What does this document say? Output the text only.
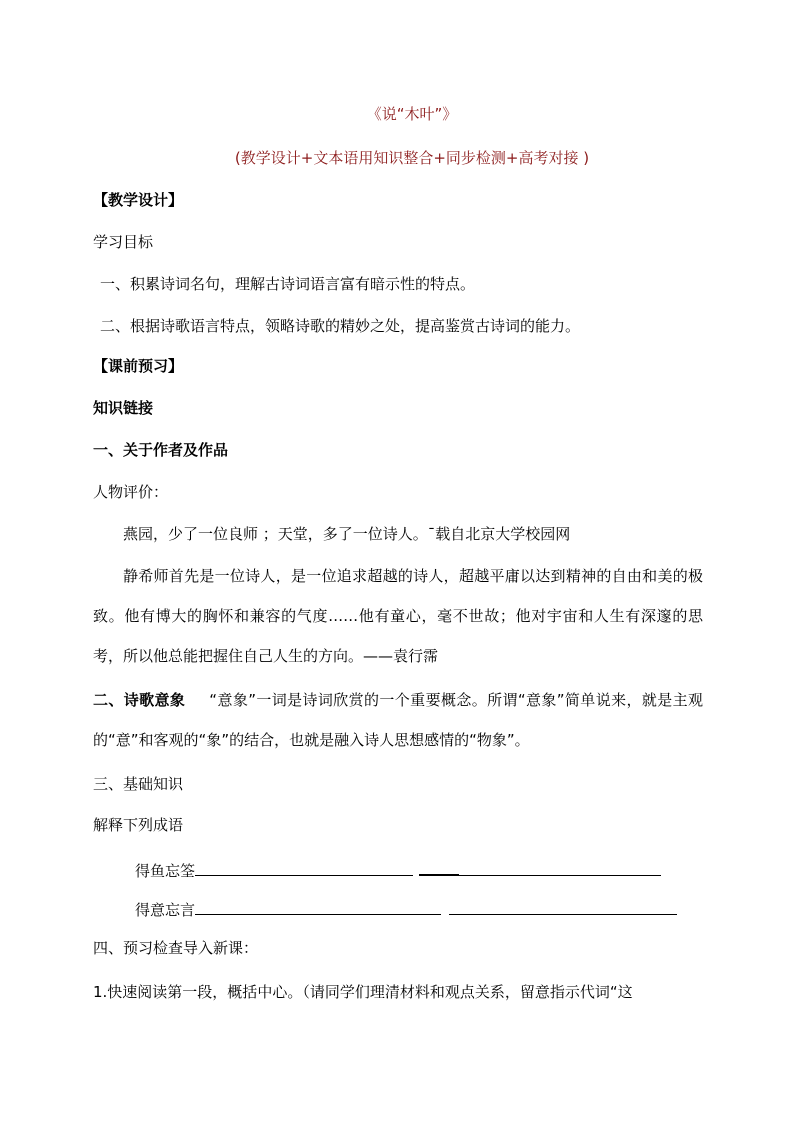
《说“木叶”》
(教学设计+文本语用知识整合+同步检测+高考对接 )
【教学设计】
学习目标
一、积累诗词名句，理解古诗词语言富有暗示性的特点。
二、根据诗歌语言特点，领略诗歌的精妙之处，提高鉴赏古诗词的能力。
【课前预习】
知识链接
一、关于作者及作品
人物评价：
燕园，少了一位良师 ；天堂，多了一位诗人。¯载自北京大学校园网
静希师首先是一位诗人，是一位追求超越的诗人，超越平庸以达到精神的自由和美的极致。他有博大的胸怀和兼容的气度……他有童心，毫不世故；他对宇宙和人生有深邃的思考，所以他总能把握住自己人生的方向。——袁行霈
二、诗歌意象 “意象”一词是诗词欣赏的一个重要概念。所谓“意象”简单说来，就是主观的“意”和客观的“象”的结合，也就是融入诗人思想感情的“物象”。
三、基础知识
解释下列成语
得鱼忘筌
得意忘言
四、预习检查导入新课：
1.快速阅读第一段，概括中心。（请同学们理清材料和观点关系，留意指示代词“这
